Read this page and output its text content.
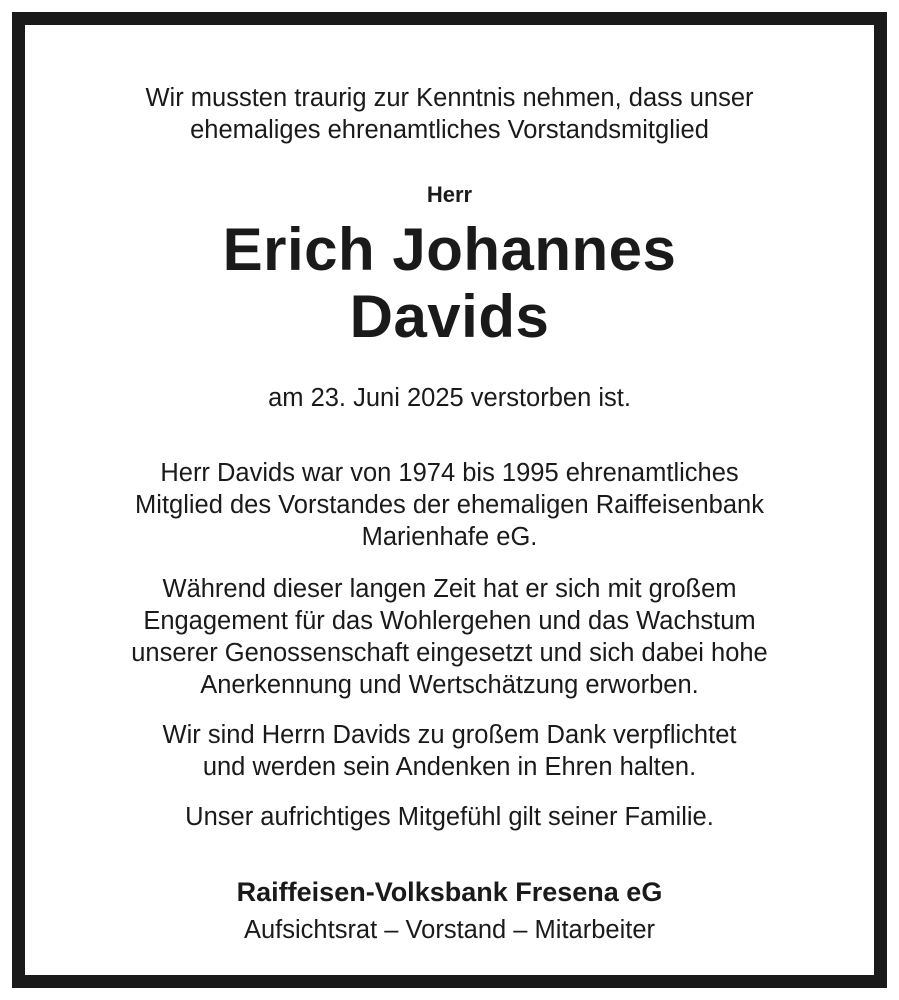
Wir mussten traurig zur Kenntnis nehmen, dass unser
ehemaliges ehrenamtliches Vorstandsmitglied
Herr
Erich Johannes
Davids
am 23. Juni 2025 verstorben ist.
Herr Davids war von 1974 bis 1995 ehrenamtliches
Mitglied des Vorstandes der ehemaligen Raiffeisenbank
Marienhafe eG.
Während dieser langen Zeit hat er sich mit großem
Engagement für das Wohlergehen und das Wachstum
unserer Genossenschaft eingesetzt und sich dabei hohe
Anerkennung und Wertschätzung erworben.
Wir sind Herrn Davids zu großem Dank verpflichtet
und werden sein Andenken in Ehren halten.
Unser aufrichtiges Mitgefühl gilt seiner Familie.
Raiffeisen-Volksbank Fresena eG
Aufsichtsrat – Vorstand – Mitarbeiter
